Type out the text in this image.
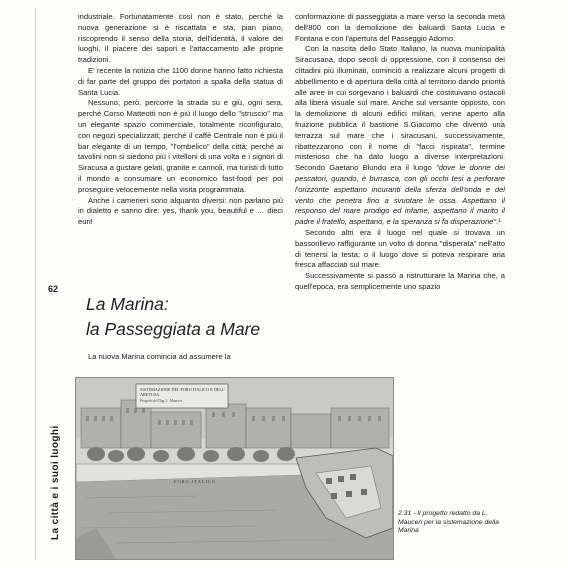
industriale. Fortunatamente così non è stato, perché la nuova generazione si è riscattata e sta, pian piano, riscoprendo il senso della storia, dell'identità, il valore dei luoghi, il piacere dei sapori e l'attaccamento alle proprie tradizioni.

E' recente la notizia che 1100 donne hanno fatto richiesta di far parte del gruppo dei portatori a spalla della statua di Santa Lucia.

Nessuno, però, percorre la strada su e giù, ogni sera, perché Corso Matteotti non è più il luogo dello "struscio" ma un elegante spazio commerciale, totalmente riconfigurato, con negozi specializzati; perché il caffè Centrale non è più il bar elegante di un tempo, "l'ombelico" della città; perché ai tavolini non si siedono più i vitelloni di una volta e i signori di Siracusa a gustare gelati, granite e cannoli, ma turisti di tutto il mondo a consumare un economico fast-food per poi proseguire velocemente nella visita programmata.

Anche i camerieri sono alquanto diversi: non parlano più in dialetto e sanno dire: yes, thank you, beautiful e … dieci euri!

62
La città e i suoi luoghi
La Marina:
la Passeggiata a Mare
La nuova Marina comincia ad assumere la

conformazione di passeggiata a mare verso la seconda metà dell'800 con la demolizione dei baluardi Santa Lucia e Fontana e con l'apertura del Passeggio Adorno.

Con la nascita dello Stato Italiano, la nuova municipalità Siracusana, dopo secoli di oppressione, con il consenso dei cittadini più illuminati, cominciò a realizzare alcuni progetti di abbellimento e di apertura della città al territorio dando priorità alle aree in cui sorgevano i baluardi che costituivano ostacoli alla libera visuale sul mare. Anche sul versante opposto, con la demolizione di alcuni edifici militari, venne aperto alla fruizione pubblica il bastione S.Giacomo che diventò una terrazza sul mare che i siracusani, successivamente, ribattezzarono con il nome di "facci rispirata", termine misterioso che ha dato luogo a diverse interpretazioni. Secondo Gaetano Blundo era il luogo "dove le donne dei pescatori, quando, è burrasca, con gli occhi tesi a perforare l'orizzonte aspettano incuranti della sferza dell'onda e del vento che penetra fino a svuotare le ossa. Aspettano il responso del mare prodigo ed infame, aspettano il marito il padre il fratello, aspettano, e la speranza si fa disperazione".¹

Secondo altri era il luogo nel quale si trovava un bassorilievo raffigurante un volto di donna "disperata" nell'atto di tenersi la testa; o il luogo dove si poteva respirare aria fresca affacciati sul mare.

Successivamente si passò a ristrutturare la Marina che, a quell'epoca, era semplicemente uno spazio

SISTEMAZIONE DEL FORO ITALICO E DELL' ARETUSA
Progetto dell'Ing. L. Mauceri
FORO ITALICO
2.31 - Il progetto redatto da L. Mauceri per la sistemazione della Marina
